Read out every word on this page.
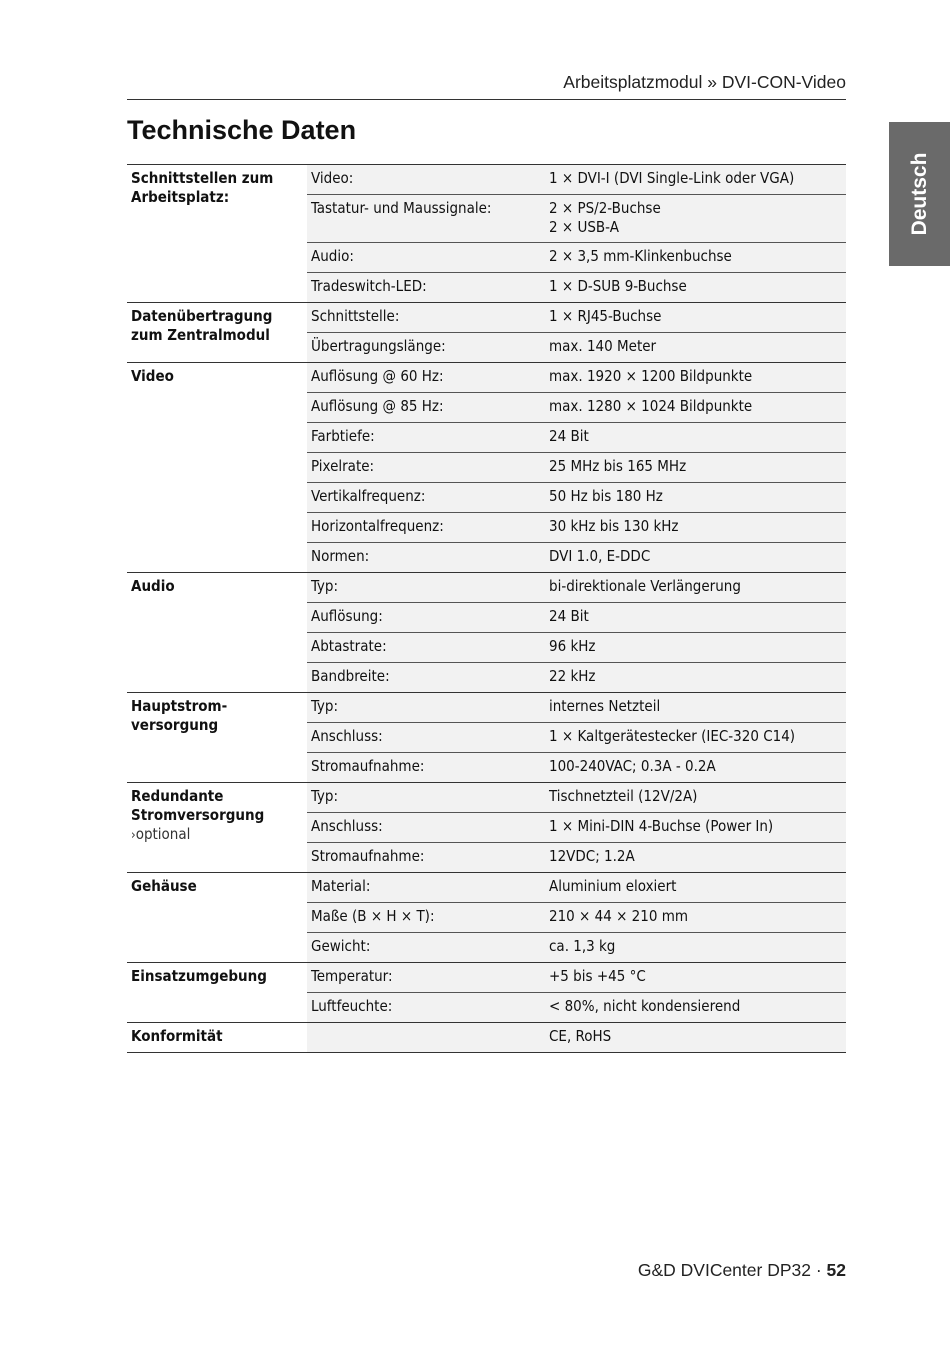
Arbeitsplatzmodul » DVI-CON-Video
Technische Daten
Deutsch
Schnittstellen zum Arbeitsplatz:	Video:	1 × DVI-I (DVI Single-Link oder VGA)
	Tastatur- und Maussignale:	2 × PS/2-Buchse
2 × USB-A
	Audio:	2 × 3,5 mm-Klinkenbuchse
	Tradeswitch-LED:	1 × D-SUB 9-Buchse
Datenübertragung zum Zentralmodul	Schnittstelle:	1 × RJ45-Buchse
	Übertragungslänge:	max. 140 Meter
Video	Auflösung @ 60 Hz:	max. 1920 × 1200 Bildpunkte
	Auflösung @ 85 Hz:	max. 1280 × 1024 Bildpunkte
	Farbtiefe:	24 Bit
	Pixelrate:	25 MHz bis 165 MHz
	Vertikalfrequenz:	50 Hz bis 180 Hz
	Horizontalfrequenz:	30 kHz bis 130 kHz
	Normen:	DVI 1.0, E-DDC
Audio	Typ:	bi-direktionale Verlängerung
	Auflösung:	24 Bit
	Abtastrate:	96 kHz
	Bandbreite:	22 kHz
Hauptstrom-
versorgung	Typ:	internes Netzteil
	Anschluss:	1 × Kaltgerätestecker (IEC-320 C14)
	Stromaufnahme:	100-240VAC; 0.3A - 0.2A
Redundante Stromversorgung
› optional	Typ:	Tischnetzteil (12V/2A)
	Anschluss:	1 × Mini-DIN 4-Buchse (Power In)
	Stromaufnahme:	12VDC; 1.2A
Gehäuse	Material:	Aluminium eloxiert
	Maße (B × H × T):	210 × 44 × 210 mm
	Gewicht:	ca. 1,3 kg
Einsatzumgebung	Temperatur:	+5 bis +45 °C
	Luftfeuchte:	< 80%, nicht kondensierend
Konformität		CE, RoHS
G&D DVICenter DP32 · 52
